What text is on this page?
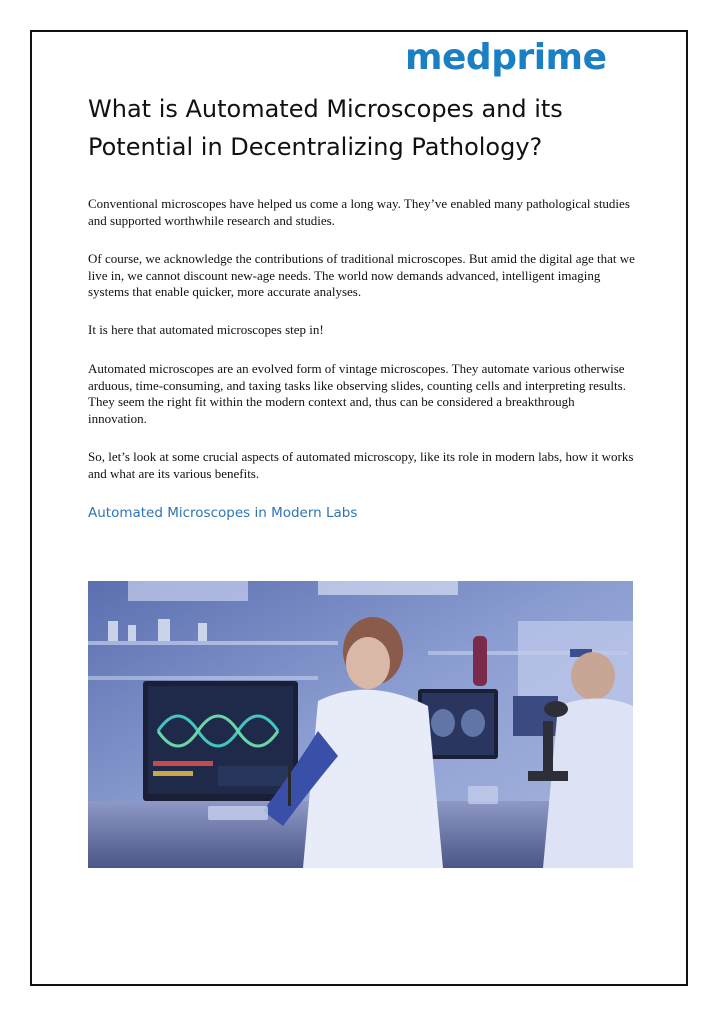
medprime
What is Automated Microscopes and its Potential in Decentralizing Pathology?

Conventional microscopes have helped us come a long way. They’ve enabled many pathological studies and supported worthwhile research and studies.

Of course, we acknowledge the contributions of traditional microscopes. But amid the digital age that we live in, we cannot discount new-age needs. The world now demands advanced, intelligent imaging systems that enable quicker, more accurate analyses.

It is here that automated microscopes step in!

Automated microscopes are an evolved form of vintage microscopes. They automate various otherwise arduous, time-consuming, and taxing tasks like observing slides, counting cells and interpreting results. They seem the right fit within the modern context and, thus can be considered a breakthrough innovation.

So, let’s look at some crucial aspects of automated microscopy, like its role in modern labs, how it works and what are its various benefits.

Automated Microscopes in Modern Labs
